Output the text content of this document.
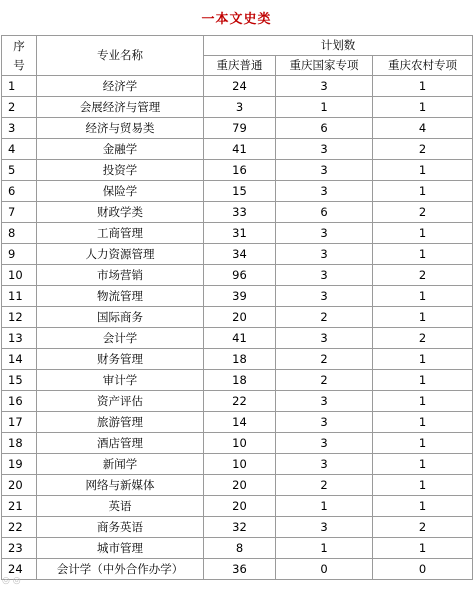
一本文史类
序
号	专业名称	计划数		
		重庆普通	重庆国家专项	重庆农村专项
1	经济学	24	3	1
2	会展经济与管理	3	1	1
3	经济与贸易类	79	6	4
4	金融学	41	3	2
5	投资学	16	3	1
6	保险学	15	3	1
7	财政学类	33	6	2
8	工商管理	31	3	1
9	人力资源管理	34	3	1
10	市场营销	96	3	2
11	物流管理	39	3	1
12	国际商务	20	2	1
13	会计学	41	3	2
14	财务管理	18	2	1
15	审计学	18	2	1
16	资产评估	22	3	1
17	旅游管理	14	3	1
18	酒店管理	10	3	1
19	新闻学	10	3	1
20	网络与新媒体	20	2	1
21	英语	20	1	1
22	商务英语	32	3	2
23	城市管理	8	1	1
24	会计学（中外合作办学）	36	0	0
◎ ◎
